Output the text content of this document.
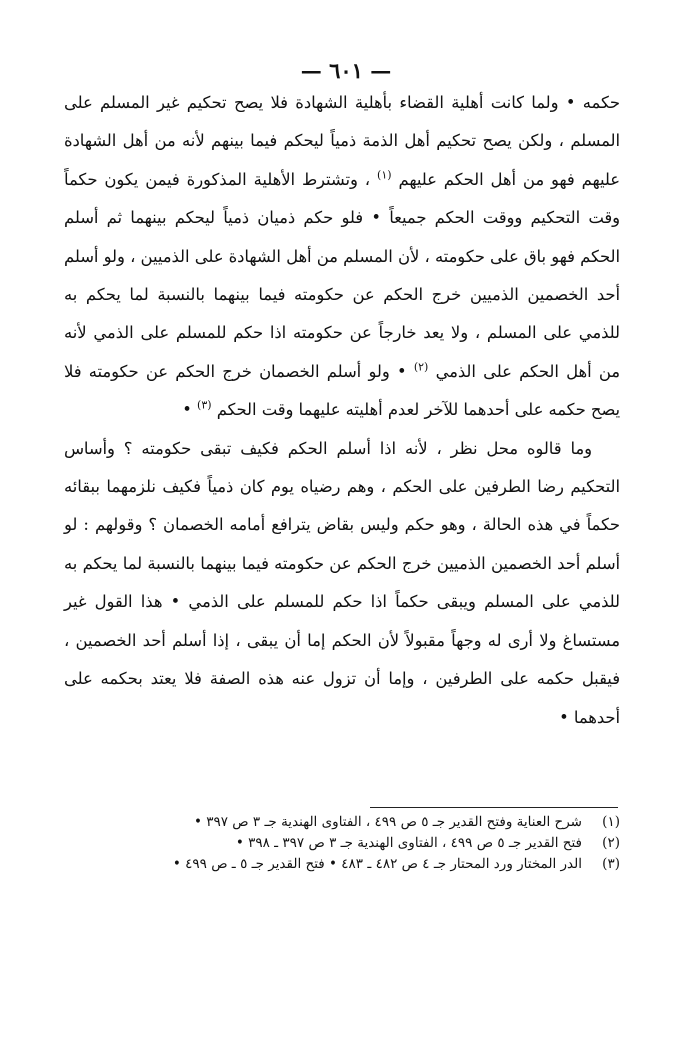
— ٦٠١ —

حكمه • ولما كانت أهلية القضاء بأهلية الشهادة فلا يصح تحكيم غير المسلم على المسلم ، ولكن يصح تحكيم أهل الذمة ذمياً ليحكم فيما بينهم لأنه من أهل الشهادة عليهم فهو من أهل الحكم عليهم $^{(١)}$ ، وتشترط الأهلية المذكورة فيمن يكون حكماً وقت التحكيم ووقت الحكم جميعاً • فلو حكم ذميان ذمياً ليحكم بينهما ثم أسلم الحكم فهو باق على حكومته ، لأن المسلم من أهل الشهادة على الذميين ، ولو أسلم أحد الخصمين الذميين خرج الحكم عن حكومته فيما بينهما بالنسبة لما يحكم به للذمي على المسلم ، ولا يعد خارجاً عن حكومته اذا حكم للمسلم على الذمي لأنه من أهل الحكم على الذمي $^{(٢)}$ • ولو أسلم الخصمان خرج الحكم عن حكومته فلا يصح حكمه على أحدهما للآخر لعدم أهليته عليهما وقت الحكم $^{(٣)}$ •

وما قالوه محل نظر ، لأنه اذا أسلم الحكم فكيف تبقى حكومته ؟ وأساس التحكيم رضا الطرفين على الحكم ، وهم رضياه يوم كان ذمياً فكيف نلزمهما ببقائه حكماً في هذه الحالة ، وهو حكم وليس بقاض يترافع أمامه الخصمان ؟ وقولهم : لو أسلم أحد الخصمين الذميين خرج الحكم عن حكومته فيما بينهما بالنسبة لما يحكم به للذمي على المسلم ويبقى حكماً اذا حكم للمسلم على الذمي • هذا القول غير مستساغ ولا أرى له وجهاً مقبولاً لأن الحكم إما أن يبقى ، إذا أسلم أحد الخصمين ، فيقبل حكمه على الطرفين ، وإما أن تزول عنه هذه الصفة فلا يعتد بحكمه على أحدهما •

(١)
شرح العناية وفتح القدير جـ ٥ ص ٤٩٩ ، الفتاوى الهندية جـ ٣ ص ٣٩٧ •
(٢)
فتح القدير جـ ٥ ص ٤٩٩ ، الفتاوى الهندية جـ ٣ ص ٣٩٧ ـ ٣٩٨ •
(٣)
الدر المختار ورد المحتار جـ ٤ ص ٤٨٢ ـ ٤٨٣ • فتح القدير جـ ٥ ـ ص ٤٩٩ •
